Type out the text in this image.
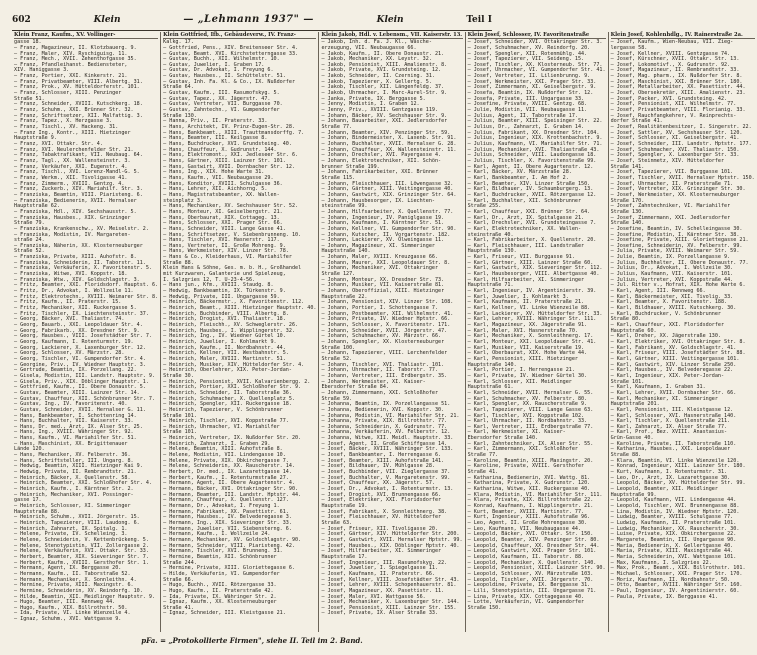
602	Klein	— „Lehmann 1937" —	Klein	Teil I
Klein Franz, Kaufm., XV. Vollinger-
gasse 18.
— Franz, Magazineur, II. Klotzbauerg. 9.
— Franz, Maler, XIV. Ryschiguisg. 11.
— Franz, Mech., XVII. Zehenthofgasse 35.
— Franz, Pfandleihanst. Bediensteter,
XIV. Haniggasse 3.
— Franz, Portier, XXI. Kinkerstr. 21.
— Franz, Privatbeamter, VIII. Albertg. 31.
— Franz, Prok., XV. Hütteldorferstr. 101.
— Franz, Schlosser, XIII. Penzinger
Straße 51.
— Franz, Schneider, XVIII. Kutschkerg. 18.
— Franz, Schuhm., XXI. Brünner Str. 32.
— Franz, Schriftsetzer, XII. Malfattig. 3.
— Franz, Tapez., X. Herzgasse 3.
— Franz, Tischl., XV. Hackeng. 31.
— Franz Ing., Kontr., XIII. Hietzinger
Hauptstraße 9.
— Franz, XVI. Ottakr. Str. 4.
— Franz, XVI. Neulerchenfelder Str. 21.
— Franz, Tabaktrafikant, VII. Neubaug. 64.
— Franz, Tagl., XX. Wallensteinstr. 3.
— Franz, Verkäufer, XXI. Eugenstr. 4.
— Franz, Tischl., XVI. Lorenz-Mandl-G. 5.
— Franz, Werkm., XII. Tivoligasse 41.
— Franz, Zimmerm., XVIII. Gentzg. 4.
— Franz, Zuckerb., XIV. Mariahilf. Str. 3.
— Franziska, Beamtin, VIII. Piaristeng. 6.
— Franziska, Bedienerin, XVII. Hernalser
Hauptstraße 62.
— Franziska, Hdl., XIV. Sechshausstr. 5.
— Franziska, Hausbes., XIX. Grinzinger
Straße 79.
— Franziska, Krankenschw., XV. Meiselstr. 2.
— Franziska, Modistin, IV. Margareten-
straße 24.
— Franziska, Näherin, XX. Klosterneuburger
Straße 52.
— Franziska, Private, XIII. Auhofstr. 8.
— Franziska, Schneiderin, II. Taborstr. 11.
— Franziska, Verkäuferin, X. Favoritenstr. 5.
— Franziska, Witwe, XVI. Koppstr. 18.
— Franziska, Wtw., XIV. Goldschlagstr. 3.
— Fritz, Beamter, XXI. Floridsdorf. Hauptst. 6.
— Fritz, Dr., Advokat, I. Wollzeile 11.
— Fritz, Elektrotechn., XVIII. Weimarer Str. 8.
— Fritz, Kaufm., II. Praterstr. 15.
— Fritz, Mechaniker, XII. Ruckergasse 5.
— Fritz, Tischler, IX. Liechtensteinstr. 37.
— Georg, Bäcker, XVI. Thaliastr. 74.
— Georg, Bauarb., XXI. Leopoldauer Str. 4.
— Georg, Fabrikarb., XX. Dresdner Str. 9.
— Georg, Hausbes., VIII. Josefstädter Str. 7.
— Georg, Kaufmann, I. Rotenturmstr. 19.
— Georg, Lackierer, X. Laxenburger Str. 12.
— Georg, Schlosser, XV. Märzstr. 28.
— Georg, Tischler, VI. Gumpendorfer Str. 4.
— Georgine, Priv., IV. Wiedner Hauptstr. 3.
— Gertrude, Beamtin, IX. Porzellang. 22.
— Gisela, Modistin, III. Landstr. Hauptstr. 9.
— Gisela, Priv., XIX. Döblinger Hauptstr. 1.
— Gottfried, Kaufm., II. Obere Donaustr. 5.
— Gustav, Beamter, XIII. Lainzer Str. 14.
— Gustav, Chauffeur, XII. Schönbrunner Str. 7.
— Gustav, Ing., IV. Favoritenstr. 40.
— Gustav, Schneider, XVII. Hernalser G. 11.
— Hans, Bankbeamter, I. Schottenring 14.
— Hans, Buchhalter, VII. Kaiserstr. 33.
— Hans, Dr. med., Arzt, IX. Alser Str. 25.
— Hans, Ing., XVIII. Währinger Str. 92.
— Hans, Kaufm., VI. Mariahilfer Str. 51.
— Hans, Maschinist, XX. Brigittenauer
Lände 120.
— Hans, Mechaniker, XV. Felberstr. 36.
— Hans, Schriftsteller, III. Ungarg. 8.
— Hedwig, Beamtin, XIII. Hietzinger Kai 9.
— Hedwig, Private, II. Rembrandtstr. 21.
— Heinrich, Bäcker, X. Quellenstr. 58.
— Heinrich, Beamter, XXI. Schloßhofer Str. 4.
— Heinrich, Kaufm., I. Kärntner Str. 2.
— Heinrich, Mechaniker, XVI. Possinger-
gasse 17.
— Heinrich, Schlosser, XI. Simmeringer
Hauptstraße 88.
— Heinrich, Schuhm., XVII. Jörgerstr. 15.
— Heinrich, Tapezierer, VIII. Laudong. 6.
— Heinrich, Zahnarzt, IX. Spitalg. 1.
— Helene, Private, IV. Schelleing. 3.
— Helene, Schneiderin, V. Kettenbrückeng. 5.
— Helene, Stenotypistin, VII. Zollergasse 2.
— Helene, Verkäuferin, XVI. Ottakr. Str. 33.
— Herbert, Beamter, XIX. Sieveringer Str. 7.
— Herbert, Kaufm., XVIII. Gersthofer Str. 1.
— Hermann, Agent, IX. Berggasse 20.
— Hermann, Kaufm., II. Taborstraße 52.
— Hermann, Mechaniker, X. Sonnleithn. 4.
— Hermine, Private, XIII. Maxingstr. 6.
— Hermine, Schneiderin, XV. Reindorfg. 10.
— Hilde, Beamtin, XII. Meidlinger Hauptstr. 9.
— Hugo, Beamter, III. Rennweg 44.
— Hugo, Kaufm., XIX. Billrothstr. 50.
— Ida, Private, VI. Linke Wienzeile 4.
— Ignaz, Schuhm., XVI. Wattgasse 9.
Klein Gottfried, Ifb., Gebäudeverw., IV. Franz-
Kalkg. 17.
— Gottfried, Pens., XIV. Breitenseer Str. 4.
— Gustav, Beamt. XVI. Kirchstetterngasse 33.
— Gustav, Buchh., XII. Wilhelmstr. 10.
— Gustav, Juwelier, I. Graben 17.
— Gustav, Dr. Advokat, I. Freyung 6.
— Gustav, Hausbes., II. Schüttelstr. 51.
— Gustav, Inh. Fa. Kl. & Co., IX. Nußdorfer
Straße 64.
— Gustav, Kaufm., III. Rasumofskyg. 5.
— Gustav, Tapez., XX. Jägerstr. 47.
— Gustav, Vertreter, VII. Burggasse 70.
— Gustav, Zahntechn., VI. Gumpendorfer
Straße 130.
— Hanna, Priv., II. Praterstr. 33.
— Hans, Architekt, IV. Prinz-Eugen-Str. 28.
— Hans, Bankbeamt., XIII. Trauttmansdorffg. 7.
— Hans, Beamter, III. Keilgasse 8.
— Hans, Buchdrucker, XVI. Grundsteing. 40.
— Hans, Chauffeur, X. Gudrunstr. 144.
— Hans, Elektromont., XXI. Jedleseer Str. 6.
— Hans, Gärtner, XIII. Lainzer Str. 101.
— Hans, Gastwirt, XVII. Dornbacher Str. 12.
— Hans, Ing., XIX. Hohe Warte 31.
— Hans, Kaufm., VII. Neubaugasse 29.
— Hans, Konditor, XVIII. Schulgasse 36.
— Hans, Lehrer, XII. Aichhorng. 5.
— Hans, Magistratsbeamter, XX. Wallen-
steinplatz 3.
— Hans, Mechaniker, XV. Sechshauser Str. 52.
— Hans, Monteur, XI. Geiselbergstr. 21.
— Hans, Oberbaurat, XIX. Cottageg. 13.
— Hans, Schlosser, XXI. Prager Str. 66.
— Hans, Schneider, VIII. Lange Gasse 41.
— Hans, Schriftsetzer, V. Siebenbrunneng. 10.
— Hans, Tischler, XVI. Hasnerstr. 117.
— Hans, Vertreter, II. Große Mohreng. 9.
— Hans, Werkmeister, XIV. Linzer Str. 78.
— Hans & Co., Kleiderhaus, VI. Mariahilfer
Straße 88.
Klein Hans & Söhne, Ges. m. b. H., Großhandel
mit Kurzwaren, Galanterie und Spielzeug,
I. Salzgries 12, T. U-23-4-56.
— Hans jun., Kfm., XVIII. Staudg. 8.
— Hedwig, Bankbeamtin, IX. Türkenstr. 9.
— Hedwig, Private, III. Ungargasse 59.
— Heinrich, Bäckermstr., X. Favoritenstr. 112.
— Heinrich, Beamt., XIII. Hietzinger Hauptstr. 40.
— Heinrich, Buchbinder, VIII. Albertg. 8.
— Heinrich, Drogist, XVI. Thaliastr. 18.
— Heinrich, Fleischh., XV. Schweglerstr. 26.
— Heinrich, Hausbes., I. Wipplingerstr. 32.
— Heinrich, Ing., IV. Wiedner Gürtel 10.
— Heinrich, Juwelier, I. Kohlmarkt 9.
— Heinrich, Kaufm., II. Nordbahnstr. 44.
— Heinrich, Kellner, VII. Westbahnstr. 5.
— Heinrich, Maler, XVIII. Martinstr. 51.
— Heinrich, Musiker, XIV. Hütteldorfer Str. 4.
— Heinrich, Oberlehrer, XIX. Peter-Jordan-
Straße 30.
— Heinrich, Pensionist, XVII. Kalvarienbergg. 2.
— Heinrich, Portier, XXI. Schloßhofer Str. 9.
— Heinrich, Schneider, II. Taborstraße 36.
— Heinrich, Schuhmacher, X. Quellenplatz 5.
— Heinrich, Spengler, XII. Ruckergasse 18.
— Heinrich, Tapezierer, V. Schönbrunner
Straße 101.
— Heinrich, Tischler, XVI. Koppstraße 77.
— Heinrich, Uhrmacher, VI. Mariahilfer
Straße 101.
— Heinrich, Vertreter, IX. Nußdorfer Str. 20.
— Heinrich, Zahnarzt, I. Graben 29.
— Helene, Beamtin, XIII. Auhofstraße 8.
— Helene, Modistin, VII. Lindengasse 10.
— Helene, Private, XIX. Obkirchergasse 7.
— Helene, Schneiderin, XX. Rauscherstr. 14.
— Herbert, Dr. med., IX. Lazarettgasse 14.
— Herbert, Kaufm., I. Rotenturmstraße 27.
— Hermann, Agent, II. Obere Augartenstr. 4.
— Hermann, Bäcker, XVI. Ottakringer Str. 90.
— Hermann, Beamter, III. Landstr. Hptstr. 44.
— Hermann, Chauffeur, X. Quellenstr. 127.
— Hermann, Dr., Advokat, I. Freyung 1.
— Hermann, Fabrikant, XX. Pasettistr. 61.
— Hermann, Hausbes., IV. Belvederegasse 3.
— Hermann, Ing., XIX. Sieveringer Str. 33.
— Hermann, Juwelier, VII. Siebensterng. 6.
— Hermann, Kaufm., I. Wollzeile 24.
— Hermann, Mechaniker, XV. Goldschlagstr. 90.
— Hermann, Schneider, VIII. Piaristeng. 42.
— Hermann, Tischler, XVI. Brunneng. 31.
— Hermine, Beamtin, XII. Schönbrunner
Straße 244.
— Hermine, Private, XIII. Gloriettegasse 6.
— Hilde, Verkäuferin, VI. Gumpendorfer
Straße 66.
— Hugo, Buchh., XVII. Rötzergasse 33.
— Hugo, Kaufm., II. Praterstraße 42.
— Ida, Private, IX. Währinger Str. 2.
— Ignaz, Kaufm., XX. Klosterneuburger
Straße 41.
— Ignaz, Schneider, III. Kleistgasse 21.
Klein Jakob, Hdl. v. Lebensm., VII. Kaiserstr. 13.
— Jakob, Inh. d. Fa. J. Kl., Wäsche-
erzeugung, VII. Neubaugasse 66.
— Jakob, Kaufm., II. Obere Donaustr. 21.
— Jakob, Mechaniker, XX. Leystr. 32.
— Jakob, Pensionist, XIII. Amalienstr. 8.
— Jakob, Private, XVI. Grundsteing. 12.
— Jakob, Schneider, II. Czerning. 31.
— Jakob, Tapezierer, X. Gellertg. 5.
— Jakob, Tischler, XII. Längenfeldg. 37.
— Jakob, Uhrmacher, I. Marc-Aurel-Str. 9.
— Janka, Private, IX. Berggasse 5.
— Jenny, Modistin, I. Graben 12.
— Jenny, Priv., XVIII. Gentzgasse 119.
— Johann, Bäcker, XV. Sechshauser Str. 9.
— Johann, Bauarbeiter, XXI. Jedlersdorfer
Straße 77.
— Johann, Beamter, XIV. Penzinger Str. 59.
— Johann, Bindermeister, X. Laxenb. Str. 91.
— Johann, Buchhalter, XVII. Hernalser G. 28.
— Johann, Chauffeur, XX. Wallensteinstr. 11.
— Johann, Drechsler, XVI. Payergasse 4.
— Johann, Elektrotechniker, XII. Schön-
brunner Straße 199.
— Johann, Fabrikarbeiter, XXI. Brünner
Straße 115.
— Johann, Fleischhauer, III. Löwengasse 32.
— Johann, Gärtner, XIII. Veitingergasse 40.
— Johann, Gastwirt, XIX. Grinzinger Str. 64.
— Johann, Hausbesorger, IX. Liechten-
steinstraße 99.
— Johann, Hilfsarbeiter, X. Quellenstr. 77.
— Johann, Ingenieur, IV. Paniglgasse 19.
— Johann, Kaufmann, I. Kärntner Str. 51.
— Johann, Kellner, VI. Gumpendorfer Str. 90.
— Johann, Kutscher, II. Vorgartenstr. 182.
— Johann, Lackierer, XV. Ölweingasse 11.
— Johann, Magazineur, XI. Simmeringer
Hauptstraße 140.
— Johann, Maler, XVIII. Kreuzgasse 66.
— Johann, Maurer, XXI. Leopoldauer Str. 8.
— Johann, Mechaniker, XVI. Ottakringer
Straße 127.
— Johann, Monteur, XX. Dresdner Str. 73.
— Johann, Musiker, VII. Kaiserstraße 81.
— Johann, Oberoffizial, XIII. Hietzinger
Hauptstraße 22.
— Johann, Pensionist, XIV. Linzer Str. 108.
— Johann, Portier, I. Schottengasse 7.
— Johann, Postbeamter, XII. Wilhelmstr. 41.
— Johann, Private, IV. Wiedner Hptstr. 66.
— Johann, Schlosser, X. Favoritenstr. 171.
— Johann, Schneider, XVII. Jörgerstr. 47.
— Johann, Schuhmacher, XV. Märzstr. 66.
— Johann, Spengler, XX. Klosterneuburger
Straße 100.
— Johann, Tapezierer, VIII. Lerchenfelder
Straße 52.
— Johann, Tischler, XVI. Thaliastr. 101.
— Johann, Uhrmacher, II. Taborstr. 77.
— Johann, Vertreter, III. Erdbergstr. 35.
— Johann, Werkmeister, XI. Kaiser-
Ebersdorfer Straße 84.
— Johann, Zimmermann, XXI. Schloßhofer
Straße 59.
— Johanna, Beamtin, IX. Porzellangasse 51.
— Johanna, Bedienerin, XVI. Koppstr. 30.
— Johanna, Modistin, VI. Mariahilfer Str. 21.
— Johanna, Private, XIX. Billrothstr. 77.
— Johanna, Schneiderin, X. Gudrunstr. 77.
— Johanna, Verkäuferin, XV. Felberstr. 12.
— Johanna, Witwe, XII. Meidl. Hauptstr. 33.
— Josef, Agent, II. Große Schiffgasse 14.
— Josef, Bäcker, XVIII. Währinger Str. 133.
— Josef, Bankbeamter, I. Herrengasse 6.
— Josef, Beamter, XIII. Auhofstraße 141.
— Josef, Bildhauer, IV. Mühlgasse 28.
— Josef, Buchbinder, VII. Zieglergasse 37.
— Josef, Buchhalter, V. Margaretenstr. 99.
— Josef, Chauffeur, XX. Jägerstr. 57.
— Josef, Dr., Advokat, I. Rotenturmstr. 13.
— Josef, Drogist, XVI. Brunnengasse 66.
— Josef, Elektriker, XXI. Floridsdorfer
Hauptstraße 19.
— Josef, Fabrikant, X. Sonnleithnerg. 38.
— Josef, Fleischhauer, XV. Hütteldorfer
Straße 63.
— Josef, Friseur, XII. Tivoligasse 20.
— Josef, Gärtner, XIV. Hütteldorfer Str. 200.
— Josef, Gastwirt, XVII. Hernalser Hptstr. 99.
— Josef, Hausbes., XIX. Döblinger Hptstr. 40.
— Josef, Hilfsarbeiter, XI. Simmeringer
Hauptstraße 17.
— Josef, Ingenieur, III. Rasumofskyg. 22.
— Josef, Juwelier, I. Spiegelgasse 11.
— Josef, Kaufmann, II. Praterstr. 66.
— Josef, Kellner, VIII. Josefstädter Str. 43.
— Josef, Lehrer, XVIII. Schopenhauerstr. 81.
— Josef, Magazineur, XX. Pasettistr. 11.
— Josef, Maler, XVI. Wattgasse 56.
— Josef, Mechaniker, X. Laxenburger Str. 144.
— Josef, Pensionist, XIII. Lainzer Str. 155.
— Josef, Private, IX. Alser Straße 33.
Klein Josef, Schlosser, IV. Favoritenstraße
— Josef, Schneider, XVI. Ottakringer Str. 3.
— Josef, Schuhmacher, XV. Reindorfg. 20.
— Josef, Spengler, XII. Rotenmühlg. 44.
— Josef, Tapezierer, VII. Seideng. 15.
— Josef, Tischler, XX. Klosterneub. Str. 77.
— Josef, Uhrmacher, VI. Gumpendorfer Str. 41.
— Josef, Vertreter, II. Lilienbrunng. 9.
— Josef, Werkmeister, XXI. Prager Str. 33.
— Josef, Zimmermann, XI. Geiselbergstr. 9.
— Josefa, Beamtin, IX. Nußdorfer Str. 12.
— Josefa, Private, III. Ungargasse 33.
— Josefine, Private, XVIII. Gentzg. 68.
— Julie, Modistin, VII. Neubaugasse 11.
— Julius, Agent, II. Taborstraße 17.
— Julius, Beamter, XIII. Speisinger Str. 22.
— Julius, Dr., Zahnarzt, I. Graben 14.
— Julius, Fabrikant, XX. Dresdner Str. 104.
— Julius, Ingenieur, XIX. Krottenbachstr. 9.
— Julius, Kaufmann, VI. Mariahilfer Str. 71.
— Julius, Mechaniker, XVI. Thaliastraße 43.
— Julius, Schneider, VIII. Laudongasse 18.
— Julius, Tischler, X. Favoritenstraße 99.
— Karl, Agent, II. Obere Augartenstr. 12.
— Karl, Bäcker, XV. Märzstraße 28.
— Karl, Bankbeamter, I. Am Hof 2.
— Karl, Beamter, XIV. Linzer Straße 150.
— Karl, Bildhauer, IV. Schaumburgerg. 13.
— Karl, Buchdrucker, XVII. Rötzergasse 12.
— Karl, Buchhalter, XII. Schönbrunner
Straße 255.
— Karl, Chauffeur, XXI. Brünner Str. 64.
— Karl, Dr., Arzt, IX. Spitalgasse 21.
— Karl, Drechsler, XVI. Grundsteingasse 7.
— Karl, Elektrotechniker, XX. Wallen-
steinstraße 40.
— Karl, Fabrikarbeiter, X. Quellenstr. 20.
— Karl, Fleischhauer, III. Landstraßer
Hauptstraße 130.
— Karl, Friseur, VII. Burggasse 91.
— Karl, Gärtner, XIII. Lainzer Straße 60.
— Karl, Gastwirt, XIX. Sieveringer Str. 112.
— Karl, Hausbesorger, VIII. Albertgasse 40.
— Karl, Hilfsarbeiter, XI. Simmeringer
Hauptstraße 71.
— Karl, Ingenieur, IV. Argentinierstr. 39.
— Karl, Juwelier, I. Kohlmarkt 3.
— Karl, Kaufmann, II. Praterstraße 21.
— Karl, Kellner, VI. Linke Wienzeile 88.
— Karl, Lackierer, XV. Hütteldorfer Str. 33.
— Karl, Lehrer, XVIII. Währinger Str. 111.
— Karl, Magazineur, XX. Jägerstraße 91.
— Karl, Maler, XVI. Hasnerstraße 70.
— Karl, Mechaniker, X. Sonnleithnerg. 17.
— Karl, Monteur, XXI. Leopoldauer Str. 41.
— Karl, Musiker, VII. Kaiserstraße 19.
— Karl, Oberbaurat, XIX. Hohe Warte 44.
— Karl, Pensionist, XIII. Hietzinger
Hauptstraße 140.
— Karl, Portier, I. Herrengasse 21.
— Karl, Private, IV. Wiedner Gürtel 30.
— Karl, Schlosser, XII. Meidlinger
Hauptstraße 61.
— Karl, Schneider, XVII. Hernalser G. 55.
— Karl, Schuhmacher, XV. Felberstr. 80.
— Karl, Spengler, XX. Rauscherstraße 9.
— Karl, Tapezierer, VIII. Lange Gasse 63.
— Karl, Tischler, XVI. Koppstraße 102.
— Karl, Uhrmacher, II. Nordbahnstr. 33.
— Karl, Vertreter, III. Erdbergstraße 77.
— Karl, Werkmeister, XI. Kaiser-
Ebersdorfer Straße 140.
— Karl, Zahntechniker, IX. Alser Str. 55.
— Karl, Zimmermann, XXI. Schloßhofer
Straße 77.
— Karoline, Beamtin, XIII. Maxingstr. 20.
— Karoline, Private, XVIII. Gersthofer
Straße 41.
— Katharina, Bedienerin, XVI. Wattg. 81.
— Katharina, Private, X. Gudrunstr. 120.
— Katharina, Witwe, XII. Ruckergasse 40.
— Klara, Modistin, VI. Mariahilfer Str. 111.
— Klara, Private, XIX. Billrothstraße 22.
— Konrad, Kaufmann, I. Wipplingerstr. 21.
— Kurt, Beamter, XVIII. Martinstr. 77.
— Kurt, Ingenieur, XIII. Auhofstraße 96.
— Leo, Agent, II. Große Mohrengasse 30.
— Leo, Kaufmann, VII. Neubaugasse 44.
— Leopold, Bäcker, XVI. Ottakr. Str. 150.
— Leopold, Beamter, XIV. Penzinger Str. 80.
— Leopold, Chauffeur, XX. Dresdner Str. 44.
— Leopold, Gastwirt, XXI. Prager Str. 101.
— Leopold, Kaufmann, II. Taborstr. 88.
— Leopold, Mechaniker, X. Quellenstr. 140.
— Leopold, Pensionist, XIII. Lainzer Str. 90.
— Leopold, Schlosser, XV. Märzstraße 103.
— Leopold, Tischler, XVII. Jörgerstr. 70.
— Leopoldine, Private, IX. Berggasse 31.
— Lili, Stenotypistin, III. Ungargasse 71.
— Lina, Private, XIX. Cottagegasse 40.
— Lotte, Verkäuferin, VI. Gumpendorfer
Straße 150.
Klein Josef, Kohlenhdlg., IV. Rainerstraße 2a.
— Josef, Kaufm., Wien-Neubau, VII. Zieg-
lergasse 58.
— Josef, Kellner, XVIII. Gentzgasse 74.
— Josef, Kürschner, XVII. Ottakr. Str. 13.
— Josef, Lokomotivf., X. Gudrunstr. 92.
— Josef, Magazineur, II. Rembrandtstr. 33.
— Josef, Mag. pharm., IX. Nußdorfer Str. 8.
— Josef, Maschinist, XXI. Brünner Str. 180.
— Josef, Metallarbeiter, XX. Pasettistr. 44.
— Josef, Obersekretär, XIII. Amalienstr. 23.
— Josef, Packer, XVI. Grundsteing. 42.
— Josef, Pensionist, XII. Wilhelmstr. 77.
— Josef, Privatbeamter, VIII. Florianig. 33.
— Josef, Rauchfangkehrer, V. Reinprechts-
dorfer Straße 41.
— Josef, Realitätenbesitzer, I. Singerstr. 22.
— Josef, Sattler, XV. Sechshauser Str. 120.
— Josef, Schlosser, XI. Geiselbergstr. 41.
— Josef, Schneider, III. Landstr. Hptstr. 177.
— Josef, Schuhmacher, XVI. Thaliastr. 150.
— Josef, Spengler, X. Laxenburger Str. 33.
— Josef, Steinmetz, XIV. Hütteldorfer
Straße 141.
— Josef, Tapezierer, VII. Burggasse 101.
— Josef, Tischler, XVII. Hernalser Hptstr. 150.
— Josef, Uhrmacher, II. Praterstraße 71.
— Josef, Vertreter, XIX. Grinzinger Str. 30.
— Josef, Werkmeister, XX. Klosterneuburger
Straße 170.
— Josef, Zahntechniker, VI. Mariahilfer
Straße 130.
— Josef, Zimmermann, XXI. Jedlersdorfer
Straße 140.
— Josefine, Beamtin, IV. Schelleingasse 30.
— Josefine, Modistin, I. Kärntner Str. 38.
— Josefine, Private, XIII. Gloriettegasse 21.
— Josefine, Schneiderin, XV. Felberstr. 99.
— Julia, Private, XVIII. Weimarer Str. 59.
— Julie, Beamtin, IX. Porzellangasse 9.
— Julius, Buchhalter, II. Obere Donaustr. 77.
— Julius, Dr., Advokat, I. Wollzeile 30.
— Julius, Kaufmann, VII. Kaiserstr. 101.
— Julius, Vertreter, XVI. Koppstraße 44.
— Jul. Ritter v., Hofrat, XIX. Hohe Warte 6.
— Karl, Agent, III. Rennweg 66.
— Karl, Bäckermeister, XII. Tivolig. 33.
— Karl, Beamter, X. Favoritenstr. 188.
— Karl, Bildhauer, XVIII. Kutschkerg. 30.
— Karl, Buchdrucker, V. Schönbrunner
Straße 80.
— Karl, Chauffeur, XXI. Floridsdorfer
Hauptstraße 60.
— Karl, Dreher, XX. Jägerstraße 130.
— Karl, Elektriker, XVI. Ottakringer Str. 8.
— Karl, Fabrikant, XV. Goldschlagstr. 41.
— Karl, Friseur, VIII. Josefstädter Str. 88.
— Karl, Gärtner, XIII. Veitingergasse 101.
— Karl, Gastwirt, XIV. Linzer Straße 250.
— Karl, Hausbes., IV. Belvederegasse 22.
— Karl, Ingenieur, XIX. Peter-Jordan-
Straße 101.
— Karl, Kaufmann, I. Graben 31.
— Karl, Lehrer, XVII. Dornbacher Str. 66.
— Karl, Mechaniker, XI. Simmeringer
Hauptstraße 201.
— Karl, Pensionist, III. Kleistgasse 12.
— Karl, Schlosser, XVI. Hasnerstraße 140.
— Karl, Tischler, X. Quellenstraße 211.
— Karl, Zahnarzt, IX. Alser Straße 77.
— Karl, Prof., Bez. XVIII. Anastasius-
Grün-Gasse 40.
— Karoline, Private, II. Taborstraße 110.
— Katharina, Hausbes., XXI. Leopoldauer
Straße 88.
— Klara, Beamtin, VI. Linke Wienzeile 120.
— Konrad, Ingenieur, XIII. Lainzer Str. 180.
— Kurt, Kaufmann, I. Rotenturmstr. 31.
— Leo, Dr., Arzt, IX. Lazarettgasse 30.
— Leopold, Bäcker, XV. Hütteldorfer Str. 99.
— Leopold, Beamter, XII. Meidlinger
Hauptstraße 99.
— Leopold, Kaufmann, VII. Lindengasse 44.
— Leopold, Tischler, XVI. Brunnengasse 88.
— Lina, Modistin, IV. Wiedner Hptstr. 120.
— Ludwig, Beamter, XVIII. Schulgasse 77.
— Ludwig, Kaufmann, II. Praterstraße 101.
— Ludwig, Mechaniker, XX. Rauscherstr. 30.
— Luise, Private, XIX. Obkirchergasse 22.
— Margarete, Beamtin, III. Ungargasse 90.
— Maria, Bedienerin, X. Gellertgasse 40.
— Maria, Private, XIII. Maxingstraße 44.
— Maria, Schneiderin, XVI. Wattgasse 101.
— Max, Kaufmann, I. Salzgries 22.
— Max, Prok., Beamt., XIX. Billrothstr. 101.
— Michael, Schlosser, XXI. Prager Str. 170.
— Moriz, Kaufmann, II. Nordbahnstr. 50.
— Otto, Beamter, XVIII. Währinger Str. 160.
— Paul, Ingenieur, IV. Argentinierstr. 60.
— Paula, Private, IX. Berggasse 41.
pFa. = „Protokollierte Firmen", siehe II. Teil im 2. Band.
